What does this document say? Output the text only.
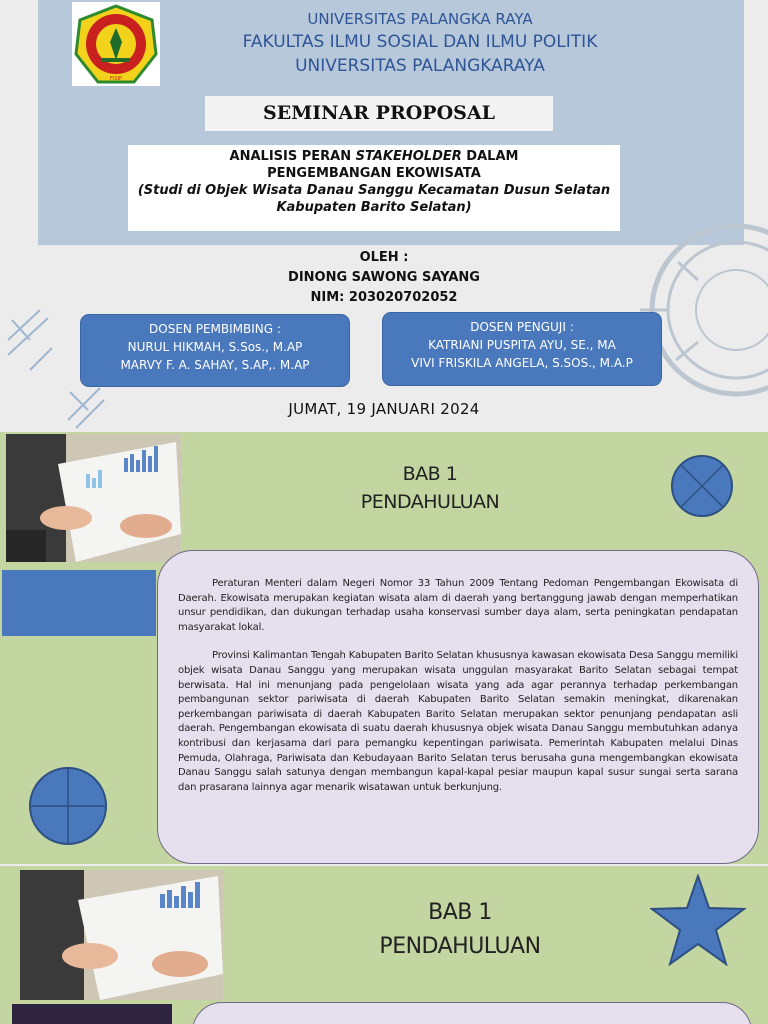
FISIP
UNIVERSITAS PALANGKA RAYA
FAKULTAS ILMU SOSIAL DAN ILMU POLITIK
UNIVERSITAS PALANGKARAYA
SEMINAR PROPOSAL
ANALISIS PERAN STAKEHOLDER DALAM
PENGEMBANGAN EKOWISATA
(Studi di Objek Wisata Danau Sanggu Kecamatan Dusun Selatan
Kabupaten Barito Selatan)
OLEH :
DINONG SAWONG SAYANG
NIM: 203020702052
DOSEN PEMBIMBING :
NURUL HIKMAH, S.Sos., M.AP
MARVY F. A. SAHAY, S.AP,. M.AP
DOSEN PENGUJI :
KATRIANI PUSPITA AYU, SE., MA
VIVI FRISKILA ANGELA, S.SOS., M.A.P
JUMAT, 19 JANUARI 2024
BAB 1
PENDAHULUAN

Peraturan Menteri dalam Negeri Nomor 33 Tahun 2009 Tentang Pedoman Pengembangan Ekowisata di Daerah. Ekowisata merupakan kegiatan wisata alam di daerah yang bertanggung jawab dengan memperhatikan unsur pendidikan, dan dukungan terhadap usaha konservasi sumber daya alam, serta peningkatan pendapatan masyarakat lokal.

Provinsi Kalimantan Tengah Kabupaten Barito Selatan khususnya kawasan ekowisata Desa Sanggu memiliki objek wisata Danau Sanggu yang merupakan wisata unggulan masyarakat Barito Selatan sebagai tempat berwisata. Hal ini menunjang pada pengelolaan wisata yang ada agar perannya terhadap perkembangan pembangunan sektor pariwisata di daerah Kabupaten Barito Selatan semakin meningkat, dikarenakan perkembangan pariwisata di daerah Kabupaten Barito Selatan merupakan sektor penunjang pendapatan asli daerah. Pengembangan ekowisata di suatu daerah khususnya objek wisata Danau Sanggu membutuhkan adanya kontribusi dan kerjasama dari para pemangku kepentingan pariwisata. Pemerintah Kabupaten melalui Dinas Pemuda, Olahraga, Pariwisata dan Kebudayaan Barito Selatan terus berusaha guna mengembangkan ekowisata Danau Sanggu salah satunya dengan membangun kapal-kapal pesiar maupun kapal susur sungai serta sarana dan prasarana lainnya agar menarik wisatawan untuk berkunjung.

BAB 1
PENDAHULUAN
